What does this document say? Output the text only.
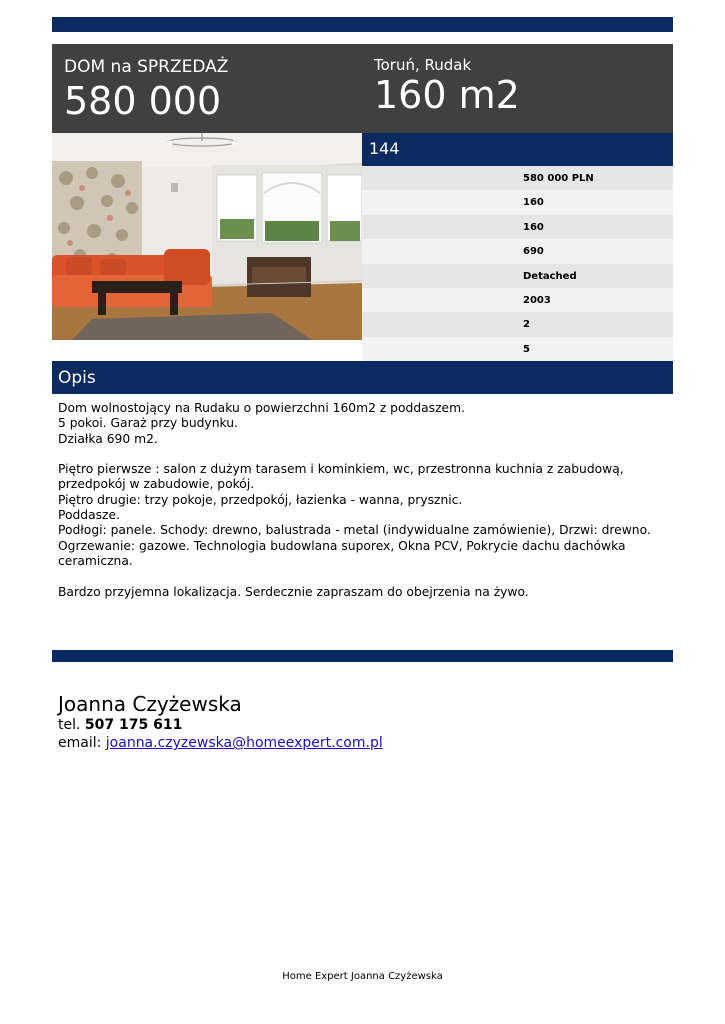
DOM na SPRZEDAŻ
580 000
Toruń, Rudak
160 m2
144
580 000 PLN
160
160
690
Detached
2003
2
5
Opis

Dom wolnostojący na Rudaku o powierzchni 160m2 z poddaszem.

5 pokoi. Garaż przy budynku.

Działka 690 m2.

Piętro pierwsze : salon z dużym tarasem i kominkiem, wc, przestronna kuchnia z zabudową,

przedpokój w zabudowie, pokój.

Piętro drugie: trzy pokoje, przedpokój, łazienka - wanna, prysznic.

Poddasze.

Podłogi: panele. Schody: drewno, balustrada - metal (indywidualne zamówienie), Drzwi: drewno.

Ogrzewanie: gazowe. Technologia budowlana suporex, Okna PCV, Pokrycie dachu dachówka

ceramiczna.

Bardzo przyjemna lokalizacja. Serdecznie zapraszam do obejrzenia na żywo.

Joanna Czyżewska
tel. 507 175 611
email: joanna.czyzewska@homeexpert.com.pl
Home Expert Joanna Czyżewska
